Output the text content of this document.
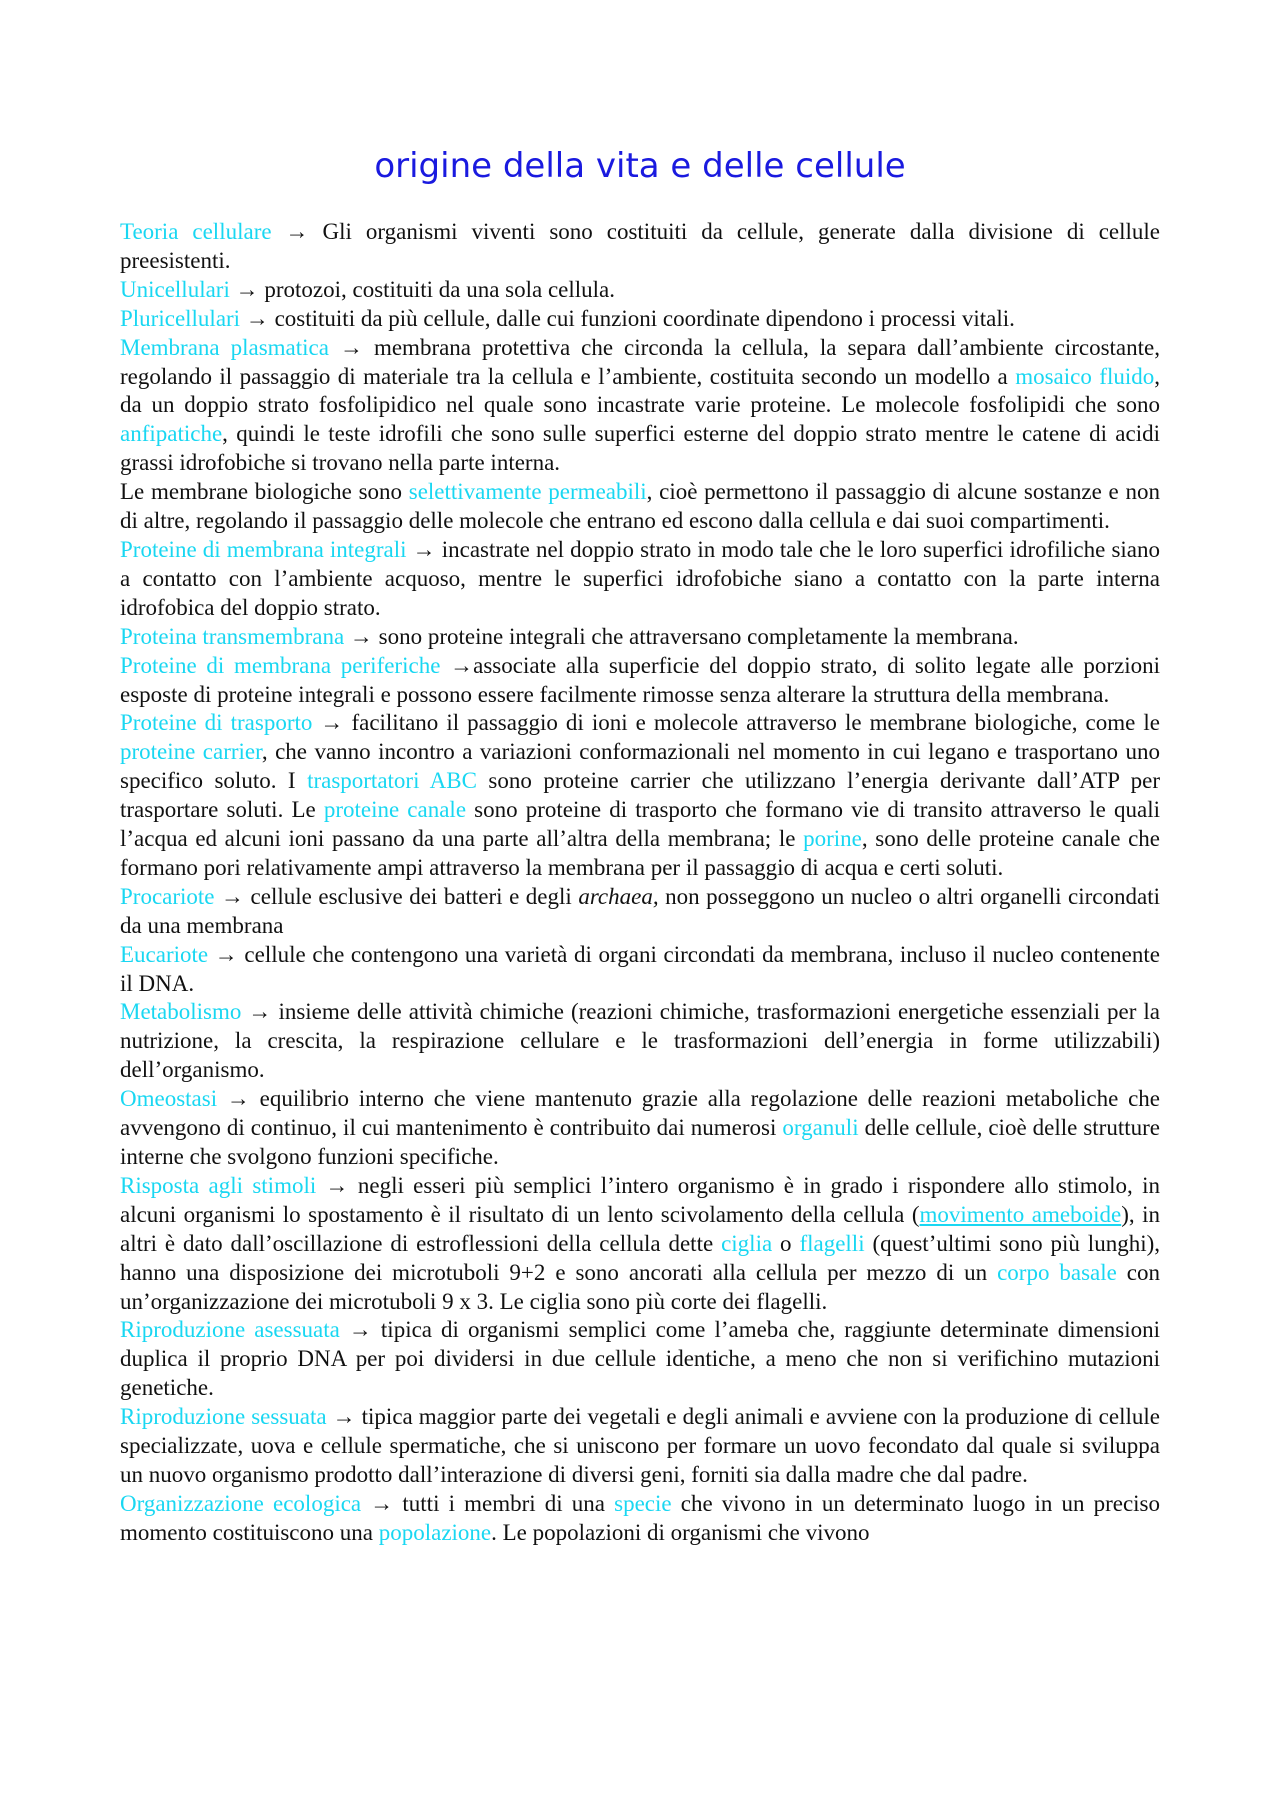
origine della vita e delle cellule

Teoria cellulare → Gli organismi viventi sono costituiti da cellule, generate dalla divisione di cellule preesistenti.

Unicellulari → protozoi, costituiti da una sola cellula.

Pluricellulari → costituiti da più cellule, dalle cui funzioni coordinate dipendono i processi vitali.

Membrana plasmatica → membrana protettiva che circonda la cellula, la separa dall’ambiente circostante, regolando il passaggio di materiale tra la cellula e l’ambiente, costituita secondo un modello a mosaico fluido, da un doppio strato fosfolipidico nel quale sono incastrate varie proteine. Le molecole fosfolipidi che sono anfipatiche, quindi le teste idrofili che sono sulle superfici esterne del doppio strato mentre le catene di acidi grassi idrofobiche si trovano nella parte interna.

Le membrane biologiche sono selettivamente permeabili, cioè permettono il passaggio di alcune sostanze e non di altre, regolando il passaggio delle molecole che entrano ed escono dalla cellula e dai suoi compartimenti.

Proteine di membrana integrali → incastrate nel doppio strato in modo tale che le loro superfici idrofiliche siano a contatto con l’ambiente acquoso, mentre le superfici idrofobiche siano a contatto con la parte interna idrofobica del doppio strato.

Proteina transmembrana → sono proteine integrali che attraversano completamente la membrana.

Proteine di membrana periferiche →associate alla superficie del doppio strato, di solito legate alle porzioni esposte di proteine integrali e possono essere facilmente rimosse senza alterare la struttura della membrana.

Proteine di trasporto → facilitano il passaggio di ioni e molecole attraverso le membrane biologiche, come le proteine carrier, che vanno incontro a variazioni conformazionali nel momento in cui legano e trasportano uno specifico soluto. I trasportatori ABC sono proteine carrier che utilizzano l’energia derivante dall’ATP per trasportare soluti. Le proteine canale sono proteine di trasporto che formano vie di transito attraverso le quali l’acqua ed alcuni ioni passano da una parte all’altra della membrana; le porine, sono delle proteine canale che formano pori relativamente ampi attraverso la membrana per il passaggio di acqua e certi soluti.

Procariote → cellule esclusive dei batteri e degli archaea, non posseggono un nucleo o altri organelli circondati da una membrana

Eucariote → cellule che contengono una varietà di organi circondati da membrana, incluso il nucleo contenente il DNA.

Metabolismo → insieme delle attività chimiche (reazioni chimiche, trasformazioni energetiche essenziali per la nutrizione, la crescita, la respirazione cellulare e le trasformazioni dell’energia in forme utilizzabili) dell’organismo.

Omeostasi → equilibrio interno che viene mantenuto grazie alla regolazione delle reazioni metaboliche che avvengono di continuo, il cui mantenimento è contribuito dai numerosi organuli delle cellule, cioè delle strutture interne che svolgono funzioni specifiche.

Risposta agli stimoli → negli esseri più semplici l’intero organismo è in grado i rispondere allo stimolo, in alcuni organismi lo spostamento è il risultato di un lento scivolamento della cellula (movimento ameboide), in altri è dato dall’oscillazione di estroflessioni della cellula dette ciglia o flagelli (quest’ultimi sono più lunghi), hanno una disposizione dei microtuboli 9+2 e sono ancorati alla cellula per mezzo di un corpo basale con un’organizzazione dei microtuboli 9 x 3. Le ciglia sono più corte dei flagelli.

Riproduzione asessuata → tipica di organismi semplici come l’ameba che, raggiunte determinate dimensioni duplica il proprio DNA per poi dividersi in due cellule identiche, a meno che non si verifichino mutazioni genetiche.

Riproduzione sessuata → tipica maggior parte dei vegetali e degli animali e avviene con la produzione di cellule specializzate, uova e cellule spermatiche, che si uniscono per formare un uovo fecondato dal quale si sviluppa un nuovo organismo prodotto dall’interazione di diversi geni, forniti sia dalla madre che dal padre.

Organizzazione ecologica → tutti i membri di una specie che vivono in un determinato luogo in un preciso momento costituiscono una popolazione. Le popolazioni di organismi che vivono
